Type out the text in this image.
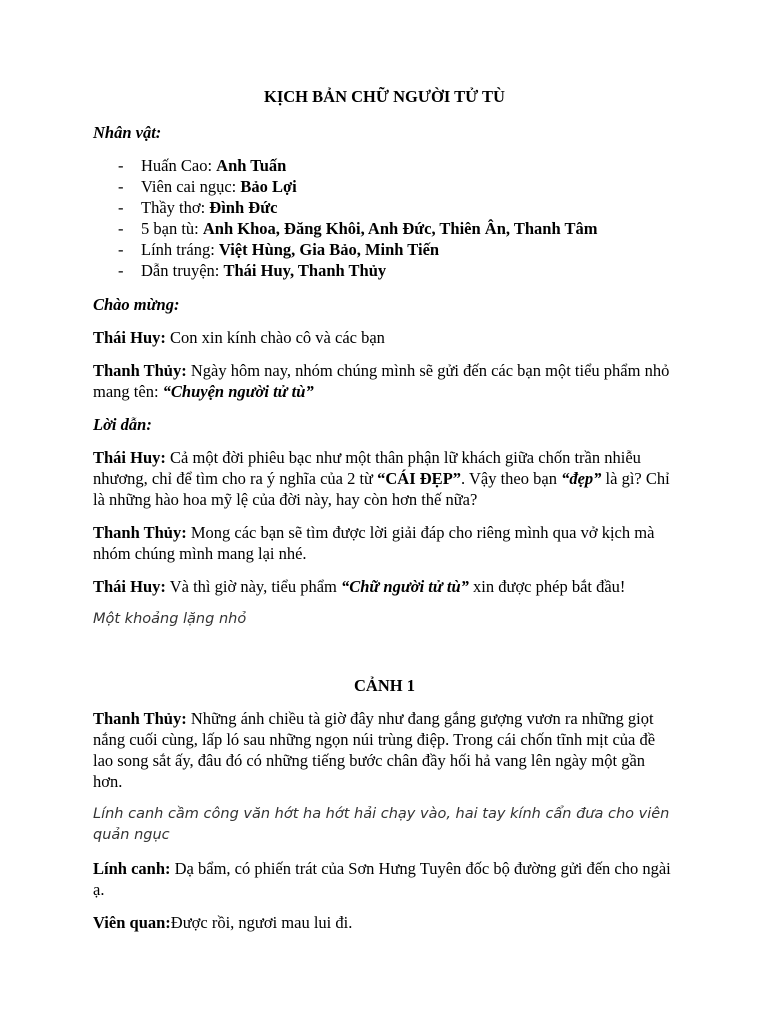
KỊCH BẢN CHỮ NGƯỜI TỬ TÙ
Nhân vật:
- Huấn Cao: Anh Tuấn
- Viên cai ngục: Bảo Lợi
- Thầy thơ: Đình Đức
- 5 bạn tù: Anh Khoa, Đăng Khôi, Anh Đức, Thiên Ân, Thanh Tâm
- Lính tráng: Việt Hùng, Gia Bảo, Minh Tiến
- Dẫn truyện: Thái Huy, Thanh Thủy
Chào mừng:

Thái Huy: Con xin kính chào cô và các bạn

Thanh Thủy: Ngày hôm nay, nhóm chúng mình sẽ gửi đến các bạn một tiểu phẩm nhỏ mang tên: “Chuyện người tử tù”

Lời dẫn:

Thái Huy: Cả một đời phiêu bạc như một thân phận lữ khách giữa chốn trần nhiễu nhương, chỉ để tìm cho ra ý nghĩa của 2 từ “CÁI ĐẸP”. Vậy theo bạn “đẹp” là gì? Chỉ là những hào hoa mỹ lệ của đời này, hay còn hơn thế nữa?

Thanh Thủy: Mong các bạn sẽ tìm được lời giải đáp cho riêng mình qua vở kịch mà nhóm chúng mình mang lại nhé.

Thái Huy: Và thì giờ này, tiểu phẩm “Chữ người tử tù” xin được phép bắt đầu!

Một khoảng lặng nhỏ

CẢNH 1

Thanh Thủy: Những ánh chiều tà giờ đây như đang gắng gượng vươn ra những giọt nắng cuối cùng, lấp ló sau những ngọn núi trùng điệp. Trong cái chốn tĩnh mịt của đề lao song sắt ấy, đâu đó có những tiếng bước chân đầy hối hả vang lên ngày một gần hơn.

Lính canh cầm công văn hớt ha hớt hải chạy vào, hai tay kính cẩn đưa cho viên quản ngục

Lính canh: Dạ bẩm, có phiến trát của Sơn Hưng Tuyên đốc bộ đường gửi đến cho ngài ạ.

Viên quan:Được rồi, ngươi mau lui đi.
